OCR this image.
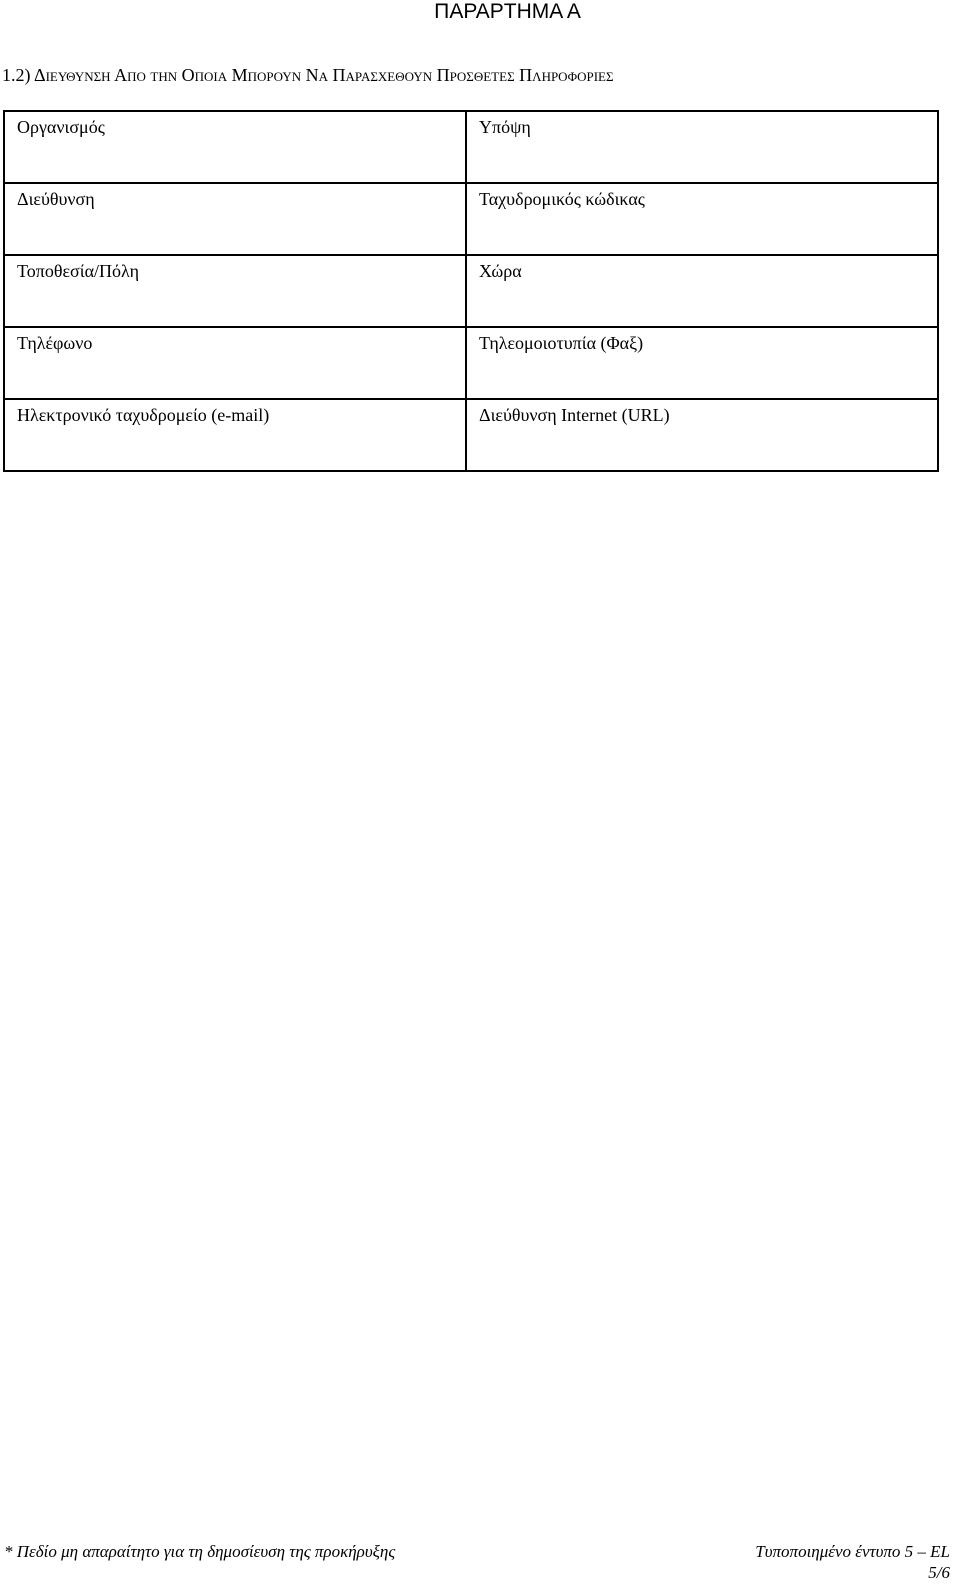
ΠΑΡΑΡΤΗΜΑ Α
1.2) ΔΙΕΥΘΥΝΣΗ ΑΠΟ ΤΗΝ ΟΠΟΙΑ ΜΠΟΡΟΥΝ ΝΑ ΠΑΡΑΣΧΕΘΟΥΝ ΠΡΟΣΘΕΤΕΣ ΠΛΗΡΟΦΟΡΙΕΣ
Οργανισμός	Υπόψη
Διεύθυνση	Ταχυδρομικός κώδικας
Τοποθεσία/Πόλη	Χώρα
Τηλέφωνο	Τηλεομοιοτυπία (Φαξ)
Ηλεκτρονικό ταχυδρομείο (e-mail)	Διεύθυνση Internet (URL)
* Πεδίο μη απαραίτητο για τη δημοσίευση της προκήρυξης	Τυποποιημένο έντυπο 5 – EL
5/6
